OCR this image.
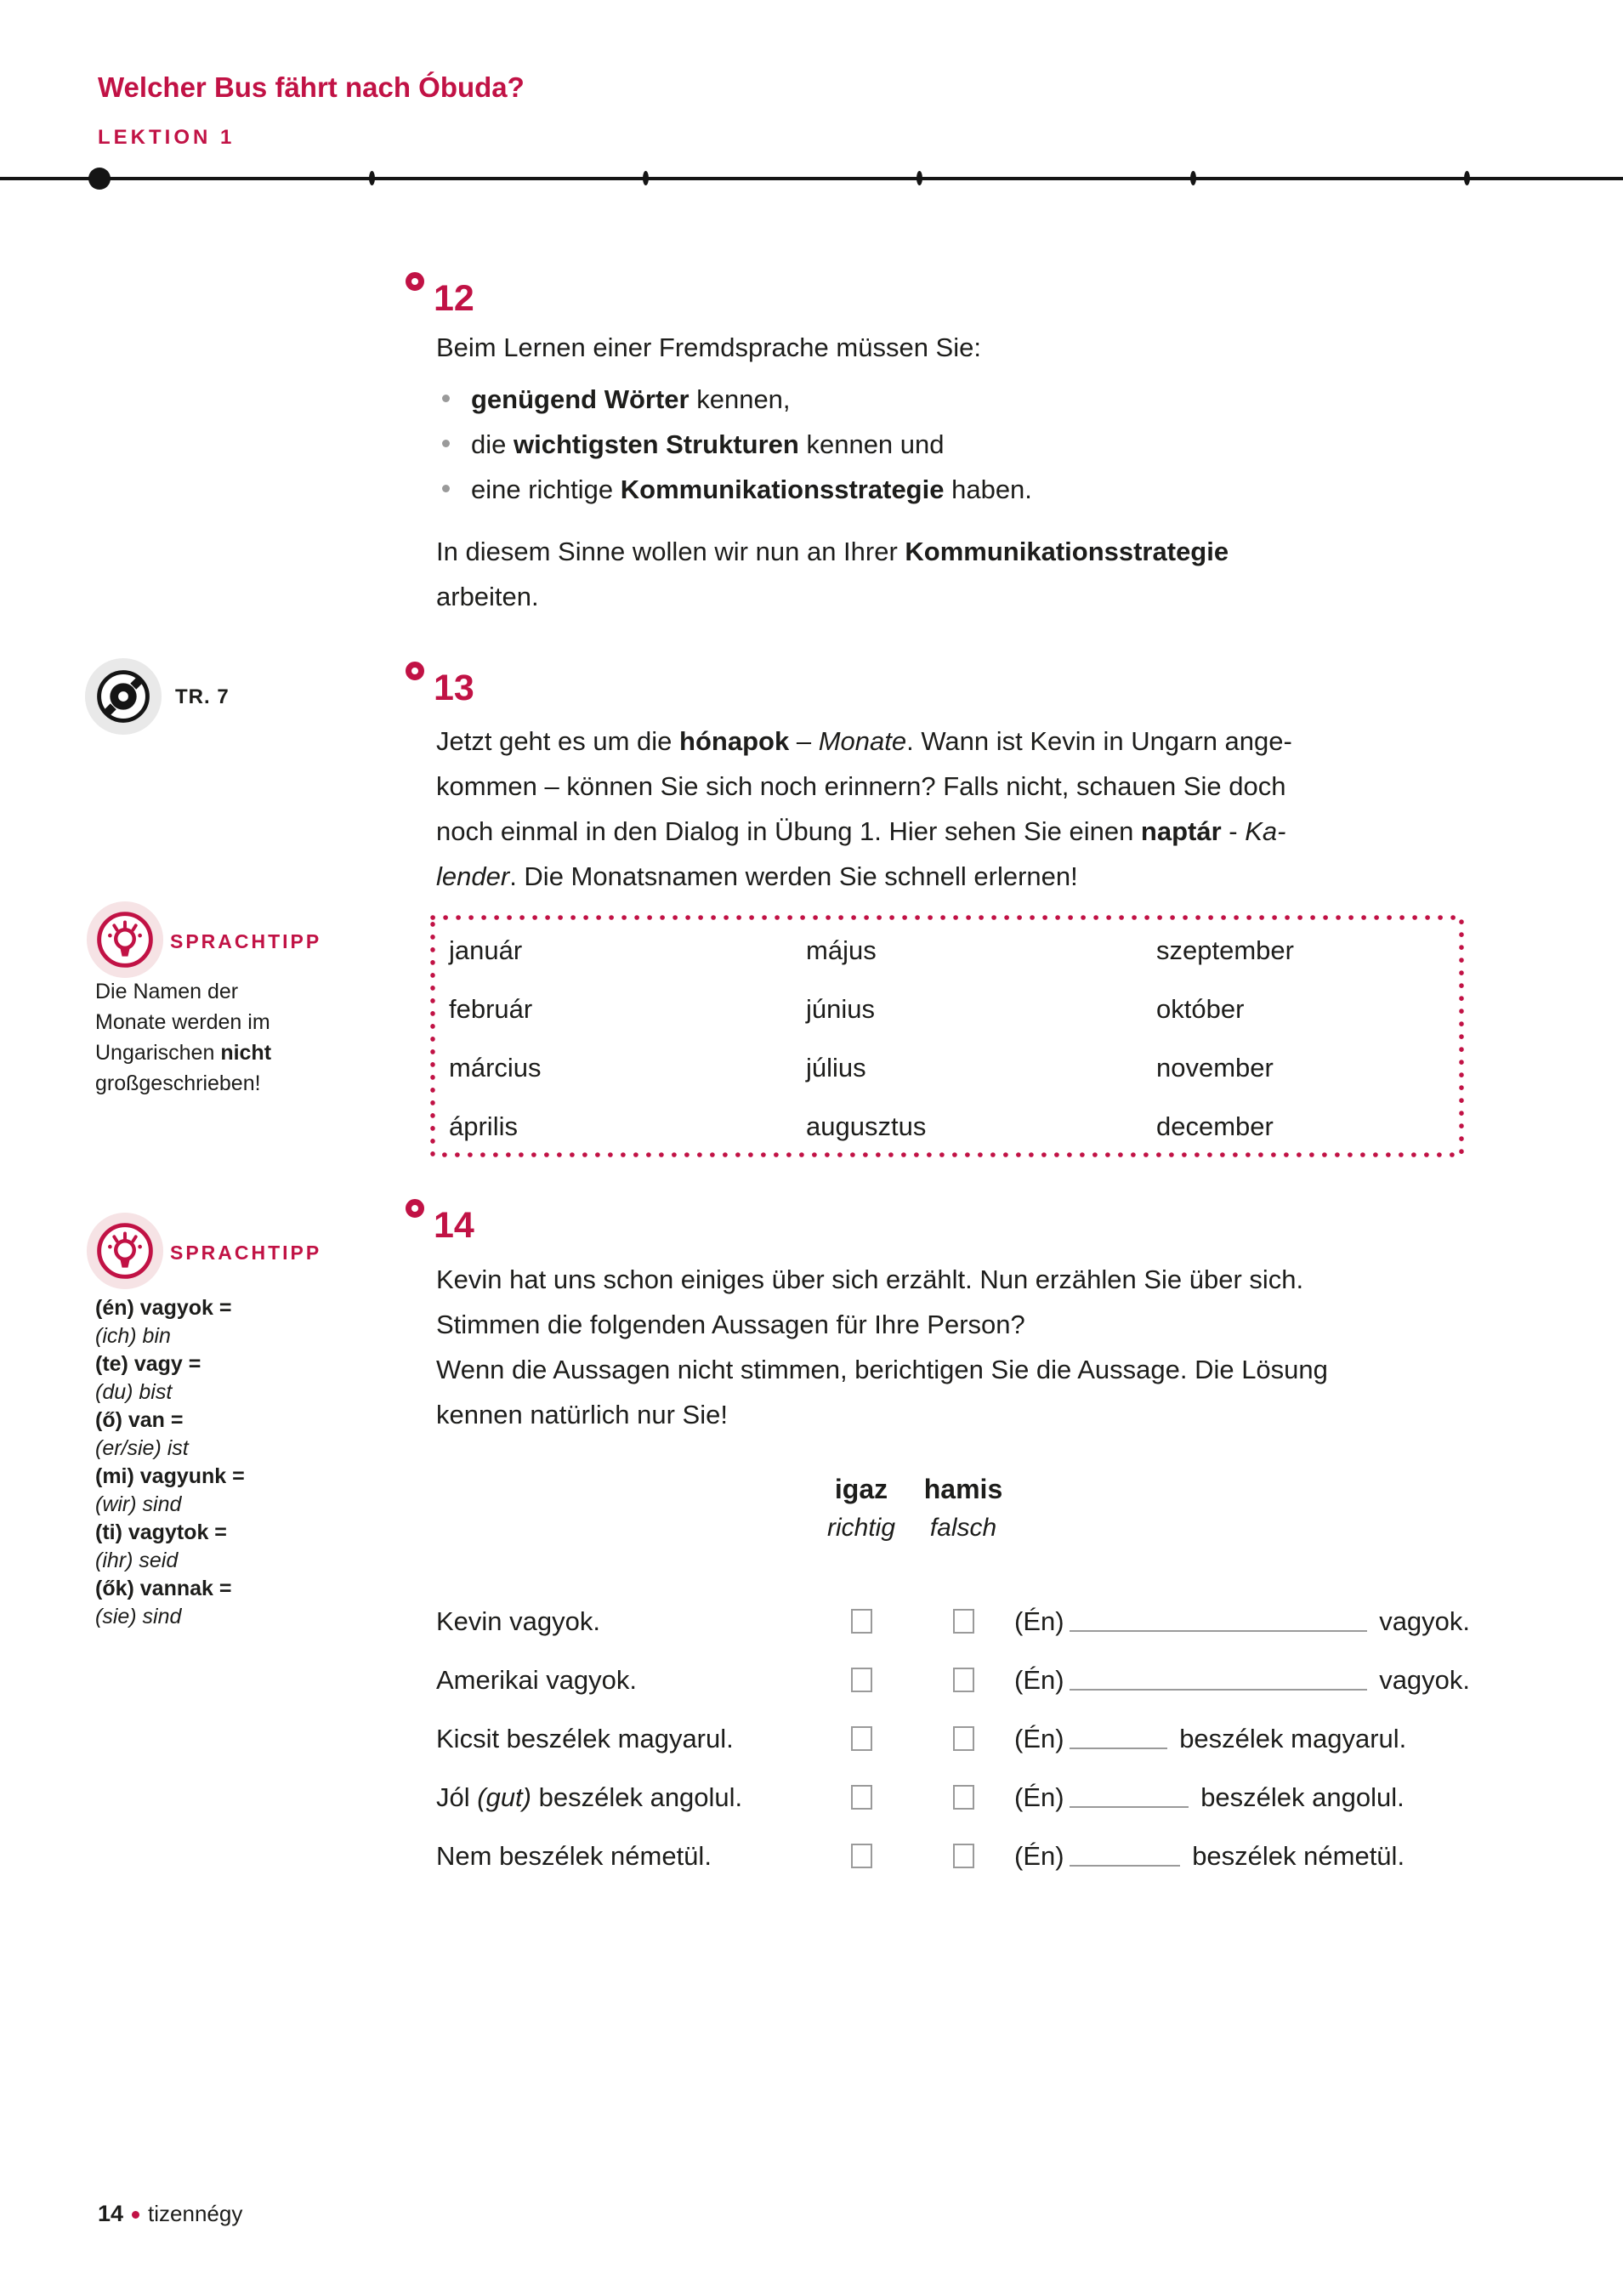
Welcher Bus fährt nach Óbuda?
LEKTION 1
12
Beim Lernen einer Fremdsprache müssen Sie:
genügend Wörter kennen,
die wichtigsten Strukturen kennen und
eine richtige Kommunikationsstrategie haben.
In diesem Sinne wollen wir nun an Ihrer Kommunikationsstrategie
arbeiten.
TR. 7	13
Jetzt geht es um die hónapok – Monate. Wann ist Kevin in Ungarn ange-
kommen – können Sie sich noch erinnern? Falls nicht, schauen Sie doch
noch einmal in den Dialog in Übung 1. Hier sehen Sie einen naptár - Ka-
lender. Die Monatsnamen werden Sie schnell erlernen!
SPRACHTIPP
Die Namen der
Monate werden im
Ungarischen nicht
großgeschrieben!
január	május	szeptember
február	június	október
március	július	november
április	augusztus	december
14
Kevin hat uns schon einiges über sich erzählt. Nun erzählen Sie über sich.
Stimmen die folgenden Aussagen für Ihre Person?
Wenn die Aussagen nicht stimmen, berichtigen Sie die Aussage. Die Lösung
kennen natürlich nur Sie!
SPRACHTIPP
(én) vagyok =
(ich) bin
(te) vagy =
(du) bist
(ő) van =
(er/sie) ist
(mi) vagyunk =
(wir) sind
(ti) vagytok =
(ihr) seid
(ők) vannak =
(sie) sind
igaz	hamis
richtig	falsch
Kevin vagyok.	(Én)	vagyok.
Amerikai vagyok.	(Én)	vagyok.
Kicsit beszélek magyarul.	(Én)	beszélek magyarul.
Jól (gut) beszélek angolul.	(Én)	beszélek angolul.
Nem beszélek németül.	(Én)	beszélek németül.
14 tizennégy
